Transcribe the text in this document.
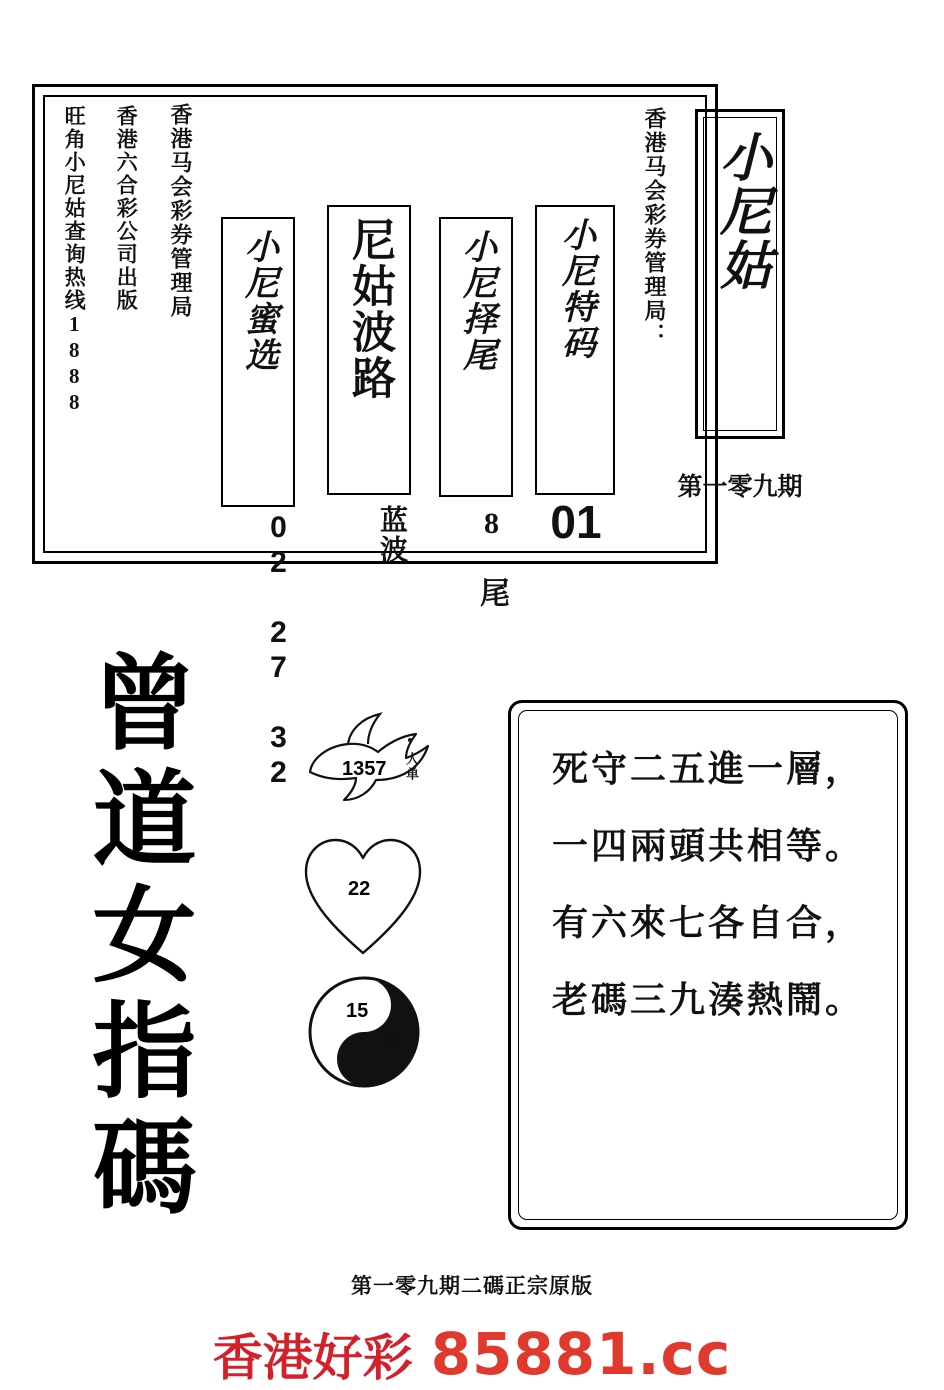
旺角小尼姑查询热线1888 香港六合彩公司出版 香港马会彩券管理局 小尼蜜选
02 27 32
尼姑波路
蓝波
小尼择尾
8 尾
小尼特码
01
香港马会彩券管理局： 小尼姑
第一零九期
曾
道
女
指
碼
1357 人单
22
15
合
死守二五進一層，
一四兩頭共相等。
有六來七各自合，
老碼三九湊熱鬧。
第一零九期二碼正宗原版
香港好彩 85881.cc
